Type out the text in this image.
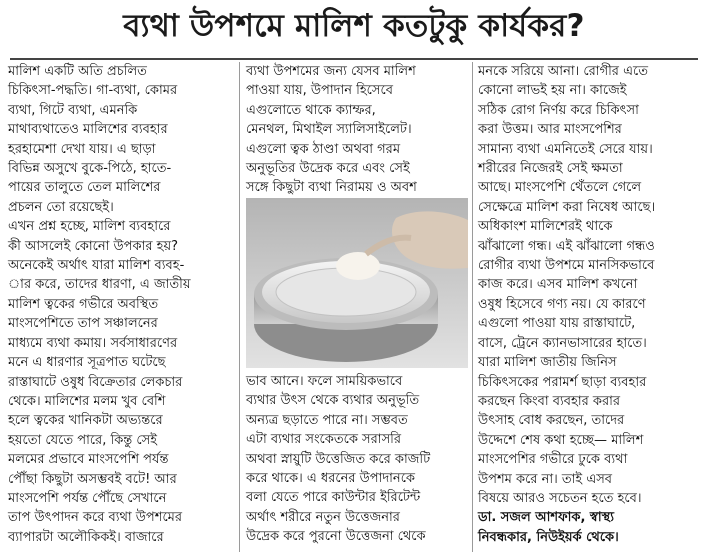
ব্যথা উপশমে মালিশ কতটুকু কার্যকর?
মালিশ একটি অতি প্রচলিত
চিকিৎসা-পদ্ধতি। গা-ব্যথা, কোমর
ব্যথা, গিটে ব্যথা, এমনকি
মাথাব্যথাতেও মালিশের ব্যবহার
হরহামেশা দেখা যায়। এ ছাড়া
বিভিন্ন অসুখে বুকে-পিঠে, হাতে-
পায়ের তালুতে তেল মালিশের
প্রচলন তো রয়েছেই।
এখন প্রশ্ন হচ্ছে, মালিশ ব্যবহারে
কী আসলেই কোনো উপকার হয়?
অনেকেই অর্থাৎ যারা মালিশ ব্যবহ-
ার করে, তাদের ধারণা, এ জাতীয়
মালিশ ত্বকের গভীরে অবস্থিত
মাংসপেশিতে তাপ সঞ্চালনের
মাধ্যমে ব্যথা কমায়। সর্বসাধারণের
মনে এ ধারণার সূত্রপাত ঘটেছে
রাস্তাঘাটে ওষুধ বিক্রেতার লেকচার
থেকে। মালিশের মলম খুব বেশি
হলে ত্বকের খানিকটা অভ্যন্তরে
হয়তো যেতে পারে, কিন্তু সেই
মলমের প্রভাবে মাংসপেশি পর্যন্ত
পৌঁছা কিছুটা অসম্ভবই বটে! আর
মাংসপেশি পর্যন্ত পৌঁছে সেখানে
তাপ উৎপাদন করে ব্যথা উপশমের
ব্যাপারটা অলৌকিকই। বাজারে
ব্যথা উপশমের জন্য যেসব মালিশ
পাওয়া যায়, উপাদান হিসেবে
এগুলোতে থাকে ক্যাম্ফর,
মেনথল, মিথাইল স্যালিসাইলেট।
এগুলো ত্বক ঠাণ্ডা অথবা গরম
অনুভূতির উদ্রেক করে এবং সেই
সঙ্গে কিছুটা ব্যথা নিরাময় ও অবশ
ভাব আনে। ফলে সাময়িকভাবে
ব্যথার উৎস থেকে ব্যথার অনুভূতি
অন্যত্র ছড়াতে পারে না। সম্ভবত
এটা ব্যথার সংকেতকে সরাসরি
অথবা স্নায়ুটি উত্তেজিত করে কাজটি
করে থাকে। এ ধরনের উপাদানকে
বলা যেতে পারে কাউন্টার ইরিটেন্ট
অর্থাৎ শরীরে নতুন উত্তেজনার
উদ্রেক করে পুরনো উত্তেজনা থেকে
মনকে সরিয়ে আনা। রোগীর এতে
কোনো লাভই হয় না। কাজেই
সঠিক রোগ নির্ণয় করে চিকিৎসা
করা উত্তম। আর মাংসপেশির
সামান্য ব্যথা এমনিতেই সেরে যায়।
শরীরের নিজেরই সেই ক্ষমতা
আছে। মাংসপেশি থেঁতলে গেলে
সেক্ষেত্রে মালিশ করা নিষেধ আছে।
অধিকাংশ মালিশেরই থাকে
ঝাঁঝালো গন্ধ। এই ঝাঁঝালো গন্ধও
রোগীর ব্যথা উপশমে মানসিকভাবে
কাজ করে। এসব মালিশ কখনো
ওষুধ হিসেবে গণ্য নয়। যে কারণে
এগুলো পাওয়া যায় রাস্তাঘাটে,
বাসে, ট্রেনে ক্যানভাসারের হাতে।
যারা মালিশ জাতীয় জিনিস
চিকিৎসকের পরামর্শ ছাড়া ব্যবহার
করছেন কিংবা ব্যবহার করার
উৎসাহ বোধ করছেন, তাদের
উদ্দেশে শেষ কথা হচ্ছে— মালিশ
মাংসপেশির গভীরে ঢুকে ব্যথা
উপশম করে না। তাই এসব
বিষয়ে আরও সচেতন হতে হবে।
ডা. সজল আশফাক, স্বাস্থ্য
নিবন্ধকার, নিউইয়র্ক থেকে।
